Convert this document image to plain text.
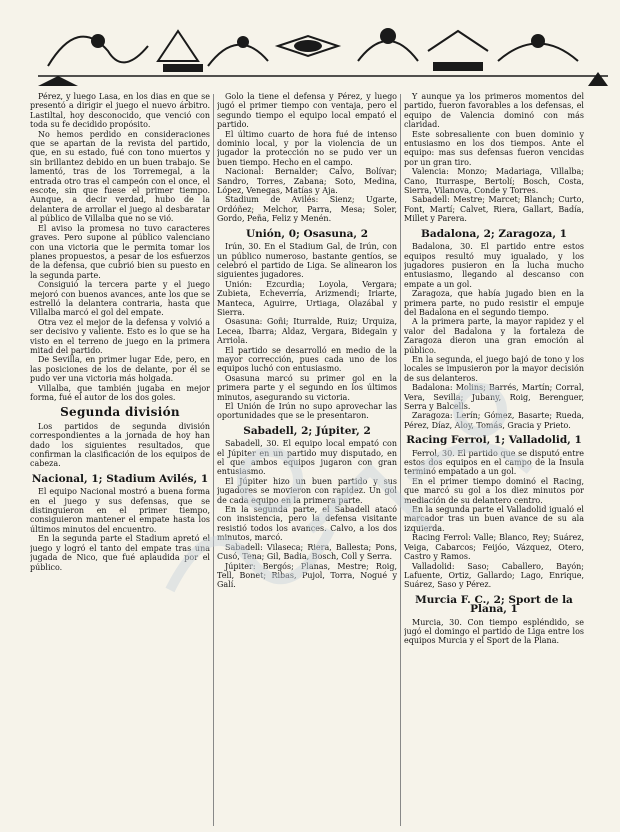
Pérez, y luego Lasa, en los dias en que se presentó a dirigir el juego el nuevo árbitro. Lastiltal, hoy desconocido, que venció con toda su fe decidido propósito.

No hemos perdido en consideraciones que se apartan de la revista del partido, que, en su estado, fué con tono muertos y sin brillantez debido en un buen trabajo. Se lamentó, tras de los Torremegal, a la entrada otro tras el campeón con el once, el escote, sin que fuese el primer tiempo. Aunque, a decir verdad, hubo de la delantera de arrollar el juego al desbaratar al público de Villalba que no se vió.

El aviso la promesa no tuvo caracteres graves. Pero supone al público valenciano con una victoria que le permita tomar los planes propuestos, a pesar de los esfuerzos de la defensa, que cubrió bien su puesto en la segunda parte.

Consiguió la tercera parte y el juego mejoró con buenos avances, ante los que se estrelló la delantera contraria, hasta que Villalba marcó el gol del empate.

Otra vez el mejor de la defensa y volvió a ser decisivo y valiente. Esto es lo que se ha visto en el terreno de juego en la primera mitad del partido.

De Sevilla, en primer lugar Ede, pero, en las posiciones de los de delante, por él se pudo ver una victoria más holgada.

Villalba, que también jugaba en mejor forma, fué el autor de los dos goles.

Segunda división

Los partidos de segunda división correspondientes a la jornada de hoy han dado los siguientes resultados, que confirman la clasificación de los equipos de cabeza.

Nacional, 1; Stadium Avilés, 1

El equipo Nacional mostró a buena forma en el juego y sus defensas, que se distinguieron en el primer tiempo, consiguieron mantener el empate hasta los últimos minutos del encuentro.

En la segunda parte el Stadium apretó el juego y logró el tanto del empate tras una jugada de Nico, que fué aplaudida por el público.

Golo la tiene el defensa y Pérez, y luego jugó el primer tiempo con ventaja, pero el segundo tiempo el equipo local empató el partido.

El último cuarto de hora fué de intenso dominio local, y por la violencia de un jugador la protección no se pudo ver un buen tiempo. Hecho en el campo.

Nacional: Bernalder; Calvo, Bolívar; Sandro, Torres, Zabana; Soto, Medina, López, Venegas, Matías y Aja.

Stadium de Avilés: Sienz; Ugarte, Ordóñez; Melchor, Parra, Mesa; Soler, Gordo, Peña, Feliz y Menén.

Unión, 0; Osasuna, 2

Irún, 30. En el Stadium Gal, de Irún, con un público numeroso, bastante gentíos, se celebró el partido de Liga. Se alinearon los siguientes jugadores.

Unión: Ezcurdia; Loyola, Vergara; Zubieta, Echeverría, Arizmendi; Iriarte, Manteca, Aguirre, Urtiaga, Olazábal y Sierra.

Osasuna: Goñi; Iturralde, Ruiz; Urquiza, Lecea, Ibarra; Aldaz, Vergara, Bidegain y Arriola.

El partido se desarrolló en medio de la mayor corrección, pues cada uno de los equipos luchó con entusiasmo.

Osasuna marcó su primer gol en la primera parte y el segundo en los últimos minutos, asegurando su victoria.

El Unión de Irún no supo aprovechar las oportunidades que se le presentaron.

Sabadell, 2; Júpiter, 2

Sabadell, 30. El equipo local empató con el Júpiter en un partido muy disputado, en el que ambos equipos jugaron con gran entusiasmo.

El Júpiter hizo un buen partido y sus jugadores se movieron con rapidez. Un gol de cada equipo en la primera parte.

En la segunda parte, el Sabadell atacó con insistencia, pero la defensa visitante resistió todos los avances. Calvo, a los dos minutos, marcó.

Sabadell: Vilaseca; Riera, Ballesta; Pons, Cusó, Tena; Gil, Badia, Bosch, Coll y Serra.

Júpiter: Bergós; Planas, Mestre; Roig, Tell, Bonet; Ribas, Pujol, Torra, Nogué y Galí.

Y aunque ya los primeros momentos del partido, fueron favorables a los defensas, el equipo de Valencia dominó con más claridad.

Este sobresaliente con buen dominio y entusiasmo en los dos tiempos. Ante el equipo: mas sus defensas fueron vencidas por un gran tiro.

Valencia: Monzo; Madariaga, Villalba; Cano, Iturraspe, Bertolí; Bosch, Costa, Sierra, Vilanova, Conde y Torres.

Sabadell: Mestre; Marcet; Blanch; Curto, Font, Martí; Calvet, Riera, Gallart, Badía, Millet y Parera.

Badalona, 2; Zaragoza, 1

Badalona, 30. El partido entre estos equipos resultó muy igualado, y los jugadores pusieron en la lucha mucho entusiasmo, llegando al descanso con empate a un gol.

Zaragoza, que había jugado bien en la primera parte, no pudo resistir el empuje del Badalona en el segundo tiempo.

A la primera parte, la mayor rapidez y el valor del Badalona y la fortaleza de Zaragoza dieron una gran emoción al público.

En la segunda, el juego bajó de tono y los locales se impusieron por la mayor decisión de sus delanteros.

Badalona: Molins; Barrés, Martín; Corral, Vera, Sevilla; Jubany, Roig, Berenguer, Serra y Balcells.

Zaragoza: Lerín; Gómez, Basarte; Rueda, Pérez, Díaz, Aloy, Tomás, Gracia y Prieto.

Racing Ferrol, 1; Valladolid, 1

Ferrol, 30. El partido que se disputó entre estos dos equipos en el campo de la Ínsula terminó empatado a un gol.

En el primer tiempo dominó el Racing, que marcó su gol a los diez minutos por mediación de su delantero centro.

En la segunda parte el Valladolid igualó el marcador tras un buen avance de su ala izquierda.

Racing Ferrol: Valle; Blanco, Rey; Suárez, Veiga, Cabarcos; Feijóo, Vázquez, Otero, Castro y Ramos.

Valladolid: Saso; Caballero, Bayón; Lafuente, Ortiz, Gallardo; Lago, Enrique, Suárez, Saso y Pérez.

Murcia F. C., 2; Sport de la Plana, 1

Murcia, 30. Con tiempo espléndido, se jugó el domingo el partido de Liga entre los equipos Murcia y el Sport de la Plana.
